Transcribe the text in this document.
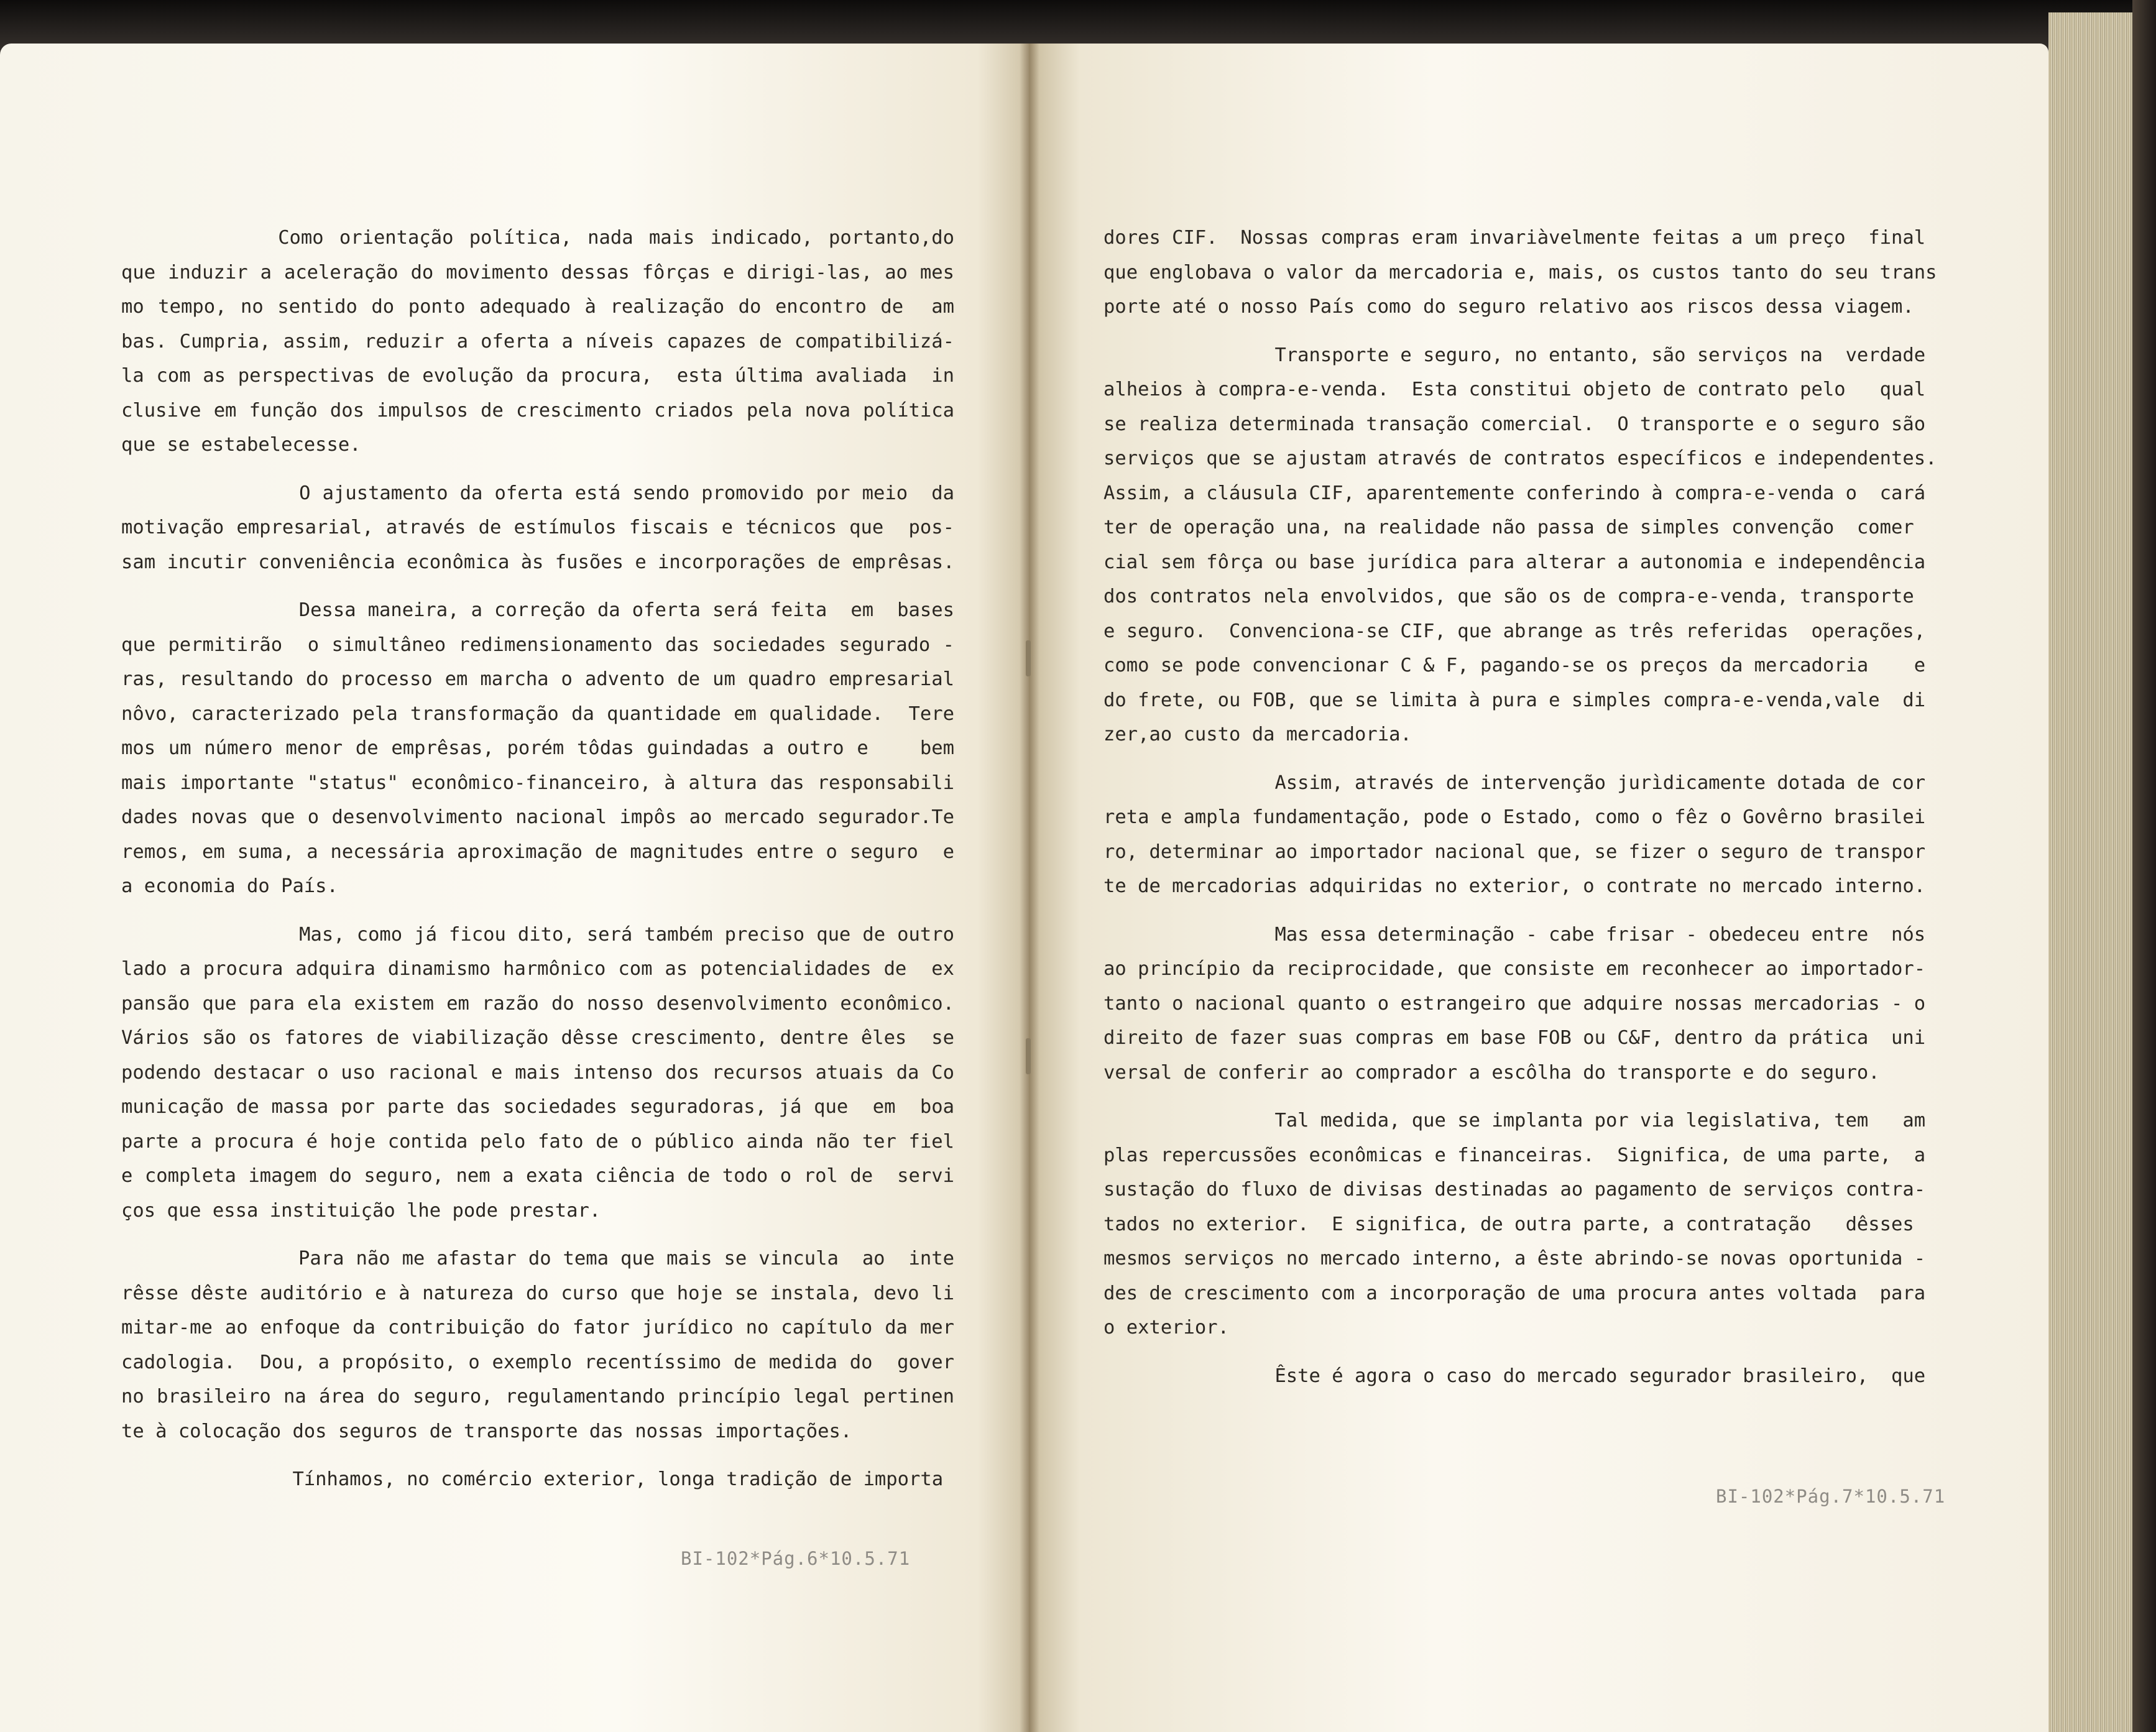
Como orientação política, nada mais indicado, portanto,do
que induzir a aceleração do movimento dessas fôrças e dirigi-las, ao mes
mo tempo, no sentido do ponto adequado à realização do encontro de  am
bas. Cumpria, assim, reduzir a oferta a níveis capazes de compatibilizá-
la com as perspectivas de evolução da procura,  esta última avaliada  in
clusive em função dos impulsos de crescimento criados pela nova política
que se estabelecesse.
O ajustamento da oferta está sendo promovido por meio  da
motivação empresarial, através de estímulos fiscais e técnicos que  pos-
sam incutir conveniência econômica às fusões e incorporações de emprêsas.
Dessa maneira, a correção da oferta será feita  em  bases
que permitirão  o simultâneo redimensionamento das sociedades segurado -
ras, resultando do processo em marcha o advento de um quadro empresarial
nôvo, caracterizado pela transformação da quantidade em qualidade.  Tere
mos um número menor de emprêsas, porém tôdas guindadas a outro e    bem
mais importante "status" econômico-financeiro, à altura das responsabili
dades novas que o desenvolvimento nacional impôs ao mercado segurador.Te
remos, em suma, a necessária aproximação de magnitudes entre o seguro  e
a economia do País.
Mas, como já ficou dito, será também preciso que de outro
lado a procura adquira dinamismo harmônico com as potencialidades de  ex
pansão que para ela existem em razão do nosso desenvolvimento econômico.
Vários são os fatores de viabilização dêsse crescimento, dentre êles  se
podendo destacar o uso racional e mais intenso dos recursos atuais da Co
municação de massa por parte das sociedades seguradoras, já que  em  boa
parte a procura é hoje contida pelo fato de o público ainda não ter fiel
e completa imagem do seguro, nem a exata ciência de todo o rol de  servi
ços que essa instituição lhe pode prestar.
Para não me afastar do tema que mais se vincula  ao  inte
rêsse dêste auditório e à natureza do curso que hoje se instala, devo li
mitar-me ao enfoque da contribuição do fator jurídico no capítulo da mer
cadologia.  Dou, a propósito, o exemplo recentíssimo de medida do  gover
no brasileiro na área do seguro, regulamentando princípio legal pertinen
te à colocação dos seguros de transporte das nossas importações.
Tínhamos, no comércio exterior, longa tradição de importa
dores CIF.  Nossas compras eram invariàvelmente feitas a um preço  final
que englobava o valor da mercadoria e, mais, os custos tanto do seu trans
porte até o nosso País como do seguro relativo aos riscos dessa viagem.
Transporte e seguro, no entanto, são serviços na  verdade
alheios à compra-e-venda.  Esta constitui objeto de contrato pelo   qual
se realiza determinada transação comercial.  O transporte e o seguro são
serviços que se ajustam através de contratos específicos e independentes.
Assim, a cláusula CIF, aparentemente conferindo à compra-e-venda o  cará
ter de operação una, na realidade não passa de simples convenção  comer
cial sem fôrça ou base jurídica para alterar a autonomia e independência
dos contratos nela envolvidos, que são os de compra-e-venda, transporte
e seguro.  Convenciona-se CIF, que abrange as três referidas  operações,
como se pode convencionar C & F, pagando-se os preços da mercadoria    e
do frete, ou FOB, que se limita à pura e simples compra-e-venda,vale  di
zer,ao custo da mercadoria.
Assim, através de intervenção jurìdicamente dotada de cor
reta e ampla fundamentação, pode o Estado, como o fêz o Govêrno brasilei
ro, determinar ao importador nacional que, se fizer o seguro de transpor
te de mercadorias adquiridas no exterior, o contrate no mercado interno.
Mas essa determinação - cabe frisar - obedeceu entre  nós
ao princípio da reciprocidade, que consiste em reconhecer ao importador-
tanto o nacional quanto o estrangeiro que adquire nossas mercadorias - o
direito de fazer suas compras em base FOB ou C&F, dentro da prática  uni
versal de conferir ao comprador a escôlha do transporte e do seguro.
Tal medida, que se implanta por via legislativa, tem   am
plas repercussões econômicas e financeiras.  Significa, de uma parte,  a
sustação do fluxo de divisas destinadas ao pagamento de serviços contra-
tados no exterior.  E significa, de outra parte, a contratação   dêsses
mesmos serviços no mercado interno, a êste abrindo-se novas oportunida -
des de crescimento com a incorporação de uma procura antes voltada  para
o exterior.
Êste é agora o caso do mercado segurador brasileiro,  que
BI-102*Pág.6*10.5.71
BI-102*Pág.7*10.5.71
